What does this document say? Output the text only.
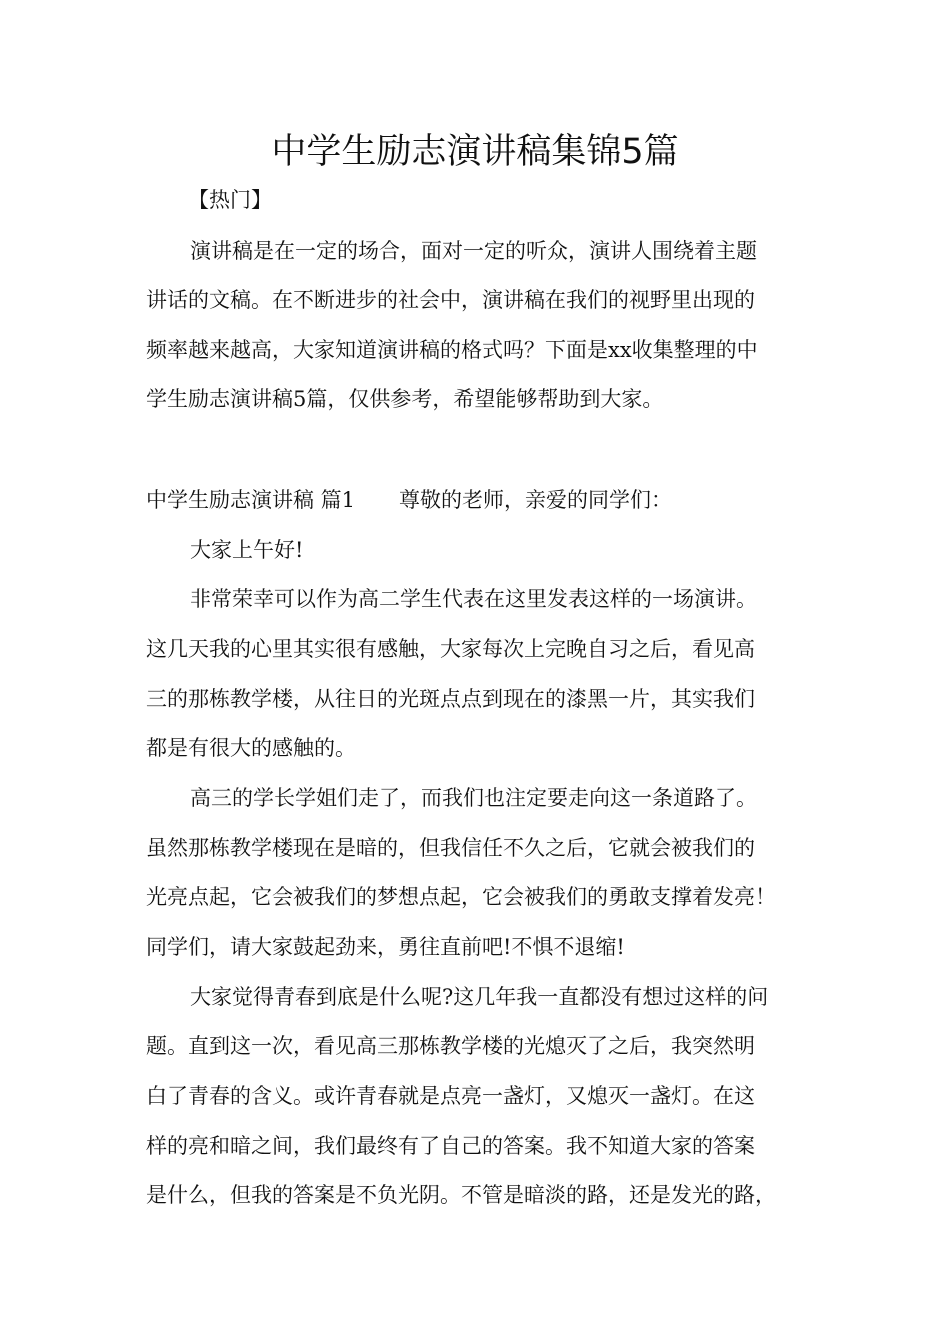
中学生励志演讲稿集锦5篇

【热门】

演讲稿是在一定的场合，面对一定的听众，演讲人围绕着主题

讲话的文稿。在不断进步的社会中，演讲稿在我们的视野里出现的

频率越来越高，大家知道演讲稿的格式吗？下面是xx收集整理的中

学生励志演讲稿5篇，仅供参考，希望能够帮助到大家。

中学生励志演讲稿 篇1 尊敬的老师，亲爱的同学们：

大家上午好!

非常荣幸可以作为高二学生代表在这里发表这样的一场演讲。

这几天我的心里其实很有感触，大家每次上完晚自习之后，看见高

三的那栋教学楼，从往日的光斑点点到现在的漆黑一片，其实我们

都是有很大的感触的。

高三的学长学姐们走了，而我们也注定要走向这一条道路了。

虽然那栋教学楼现在是暗的，但我信任不久之后，它就会被我们的

光亮点起，它会被我们的梦想点起，它会被我们的勇敢支撑着发亮！

同学们，请大家鼓起劲来，勇往直前吧!不惧不退缩!

大家觉得青春到底是什么呢?这几年我一直都没有想过这样的问

题。直到这一次，看见高三那栋教学楼的光熄灭了之后，我突然明

白了青春的含义。或许青春就是点亮一盏灯，又熄灭一盏灯。在这

样的亮和暗之间，我们最终有了自己的答案。我不知道大家的答案

是什么，但我的答案是不负光阴。不管是暗淡的路，还是发光的路，
